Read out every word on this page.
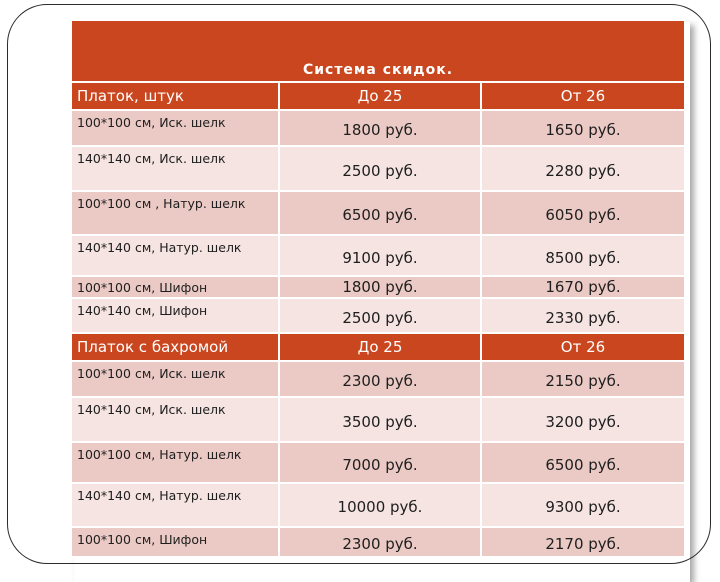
Система скидок.		
Платок, штук	До 25	От 26
100*100 см, Иск. шелк	1800 руб.	1650 руб.
140*140 см, Иск. шелк	2500 руб.	2280 руб.
100*100 см , Натур. шелк	6500 руб.	6050 руб.
140*140 см, Натур. шелк	9100 руб.	8500 руб.
100*100 см, Шифон	1800 руб.	1670 руб.
140*140 см, Шифон	2500 руб.	2330 руб.
Платок с бахромой	До 25	От 26
100*100 см, Иск. шелк	2300 руб.	2150 руб.
140*140 см, Иск. шелк	3500 руб.	3200 руб.
100*100 см, Натур. шелк	7000 руб.	6500 руб.
140*140 см, Натур. шелк	10000 руб.	9300 руб.
100*100 см, Шифон	2300 руб.	2170 руб.
